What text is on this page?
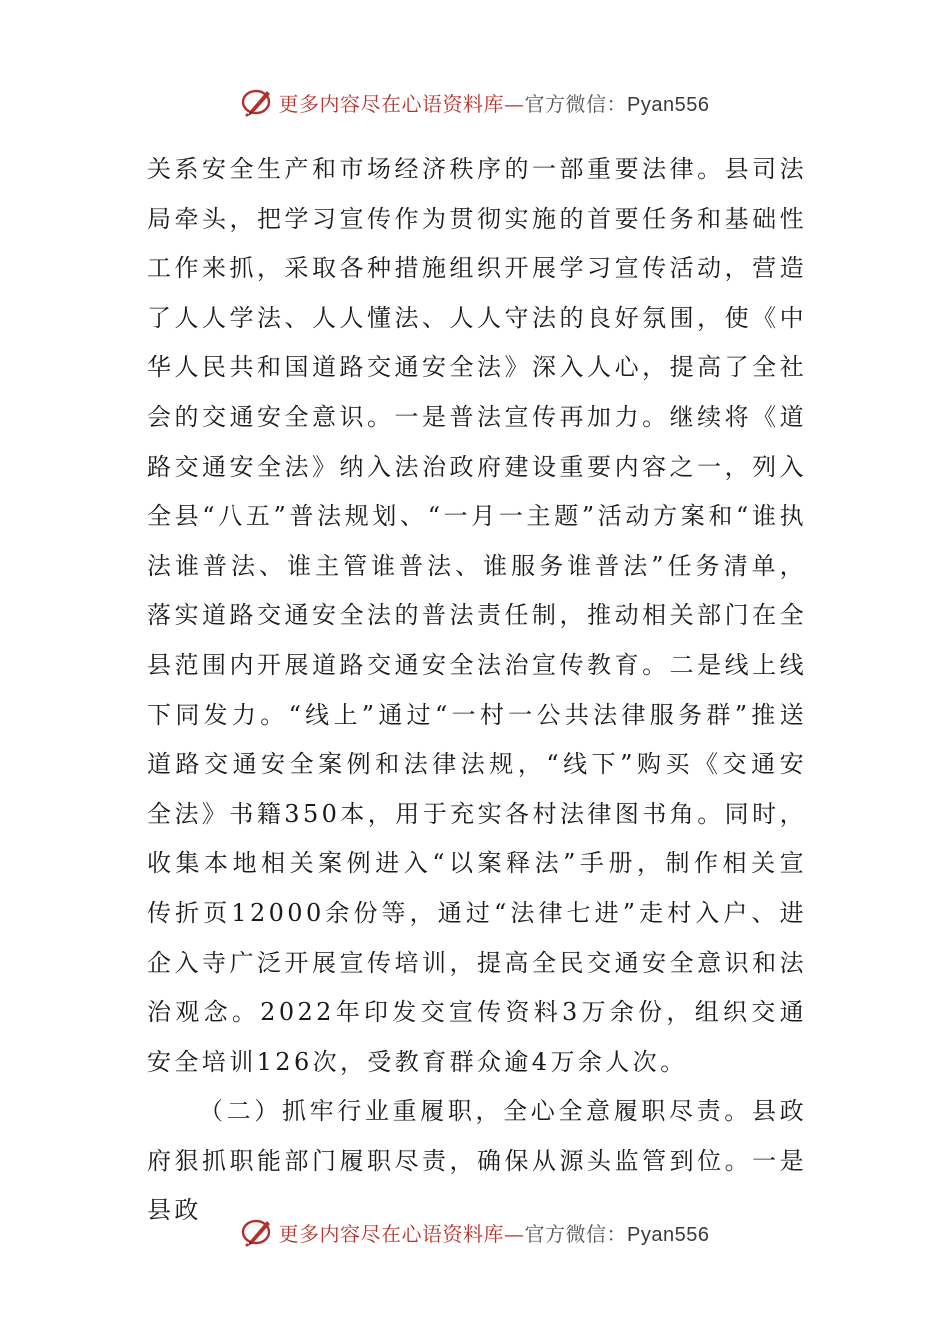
更多内容尽在心语资料库—官方微信：Pyan556

关系安全生产和市场经济秩序的一部重要法律。县司法局牵头，把学习宣传作为贯彻实施的首要任务和基础性工作来抓，采取各种措施组织开展学习宣传活动，营造了人人学法、人人懂法、人人守法的良好氛围，使《中华人民共和国道路交通安全法》深入人心，提高了全社会的交通安全意识。一是普法宣传再加力。继续将《道路交通安全法》纳入法治政府建设重要内容之一，列入全县“八五”普法规划、“一月一主题”活动方案和“谁执法谁普法、谁主管谁普法、谁服务谁普法”任务清单，落实道路交通安全法的普法责任制，推动相关部门在全县范围内开展道路交通安全法治宣传教育。二是线上线下同发力。“线上”通过“一村一公共法律服务群”推送道路交通安全案例和法律法规，“线下”购买《交通安全法》书籍350本，用于充实各村法律图书角。同时，收集本地相关案例进入“以案释法”手册，制作相关宣传折页12000余份等，通过“法律七进”走村入户、进企入寺广泛开展宣传培训，提高全民交通安全意识和法治观念。2022年印发交宣传资料3万余份，组织交通安全培训126次，受教育群众逾4万余人次。

（二）抓牢行业重履职，全心全意履职尽责。县政府狠抓职能部门履职尽责，确保从源头监管到位。一是县政

更多内容尽在心语资料库—官方微信：Pyan556
